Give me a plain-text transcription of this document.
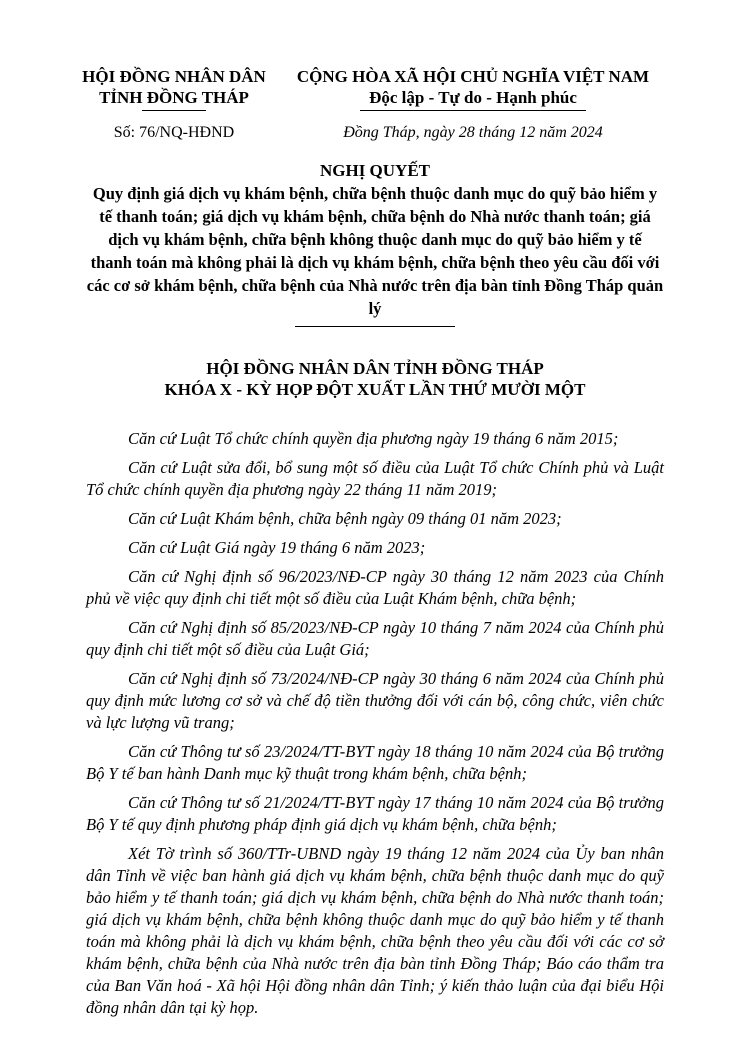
HỘI ĐỒNG NHÂN DÂN
TỈNH ĐỒNG THÁP
Số: 76/NQ-HĐND
CỘNG HÒA XÃ HỘI CHỦ NGHĨA VIỆT NAM
Độc lập - Tự do - Hạnh phúc
Đồng Tháp, ngày 28 tháng 12 năm 2024
NGHỊ QUYẾT
Quy định giá dịch vụ khám bệnh, chữa bệnh thuộc danh mục do quỹ bảo hiểm y tế thanh toán; giá dịch vụ khám bệnh, chữa bệnh do Nhà nước thanh toán; giá dịch vụ khám bệnh, chữa bệnh không thuộc danh mục do quỹ bảo hiểm y tế thanh toán mà không phải là dịch vụ khám bệnh, chữa bệnh theo yêu cầu đối với các cơ sở khám bệnh, chữa bệnh của Nhà nước trên địa bàn tỉnh Đồng Tháp quản lý
HỘI ĐỒNG NHÂN DÂN TỈNH ĐỒNG THÁP
KHÓA X - KỲ HỌP ĐỘT XUẤT LẦN THỨ MƯỜI MỘT

Căn cứ Luật Tổ chức chính quyền địa phương ngày 19 tháng 6 năm 2015;

Căn cứ Luật sửa đổi, bổ sung một số điều của Luật Tổ chức Chính phủ và Luật Tổ chức chính quyền địa phương ngày 22 tháng 11 năm 2019;

Căn cứ Luật Khám bệnh, chữa bệnh ngày 09 tháng 01 năm 2023;

Căn cứ Luật Giá ngày 19 tháng 6 năm 2023;

Căn cứ Nghị định số 96/2023/NĐ-CP ngày 30 tháng 12 năm 2023 của Chính phủ về việc quy định chi tiết một số điều của Luật Khám bệnh, chữa bệnh;

Căn cứ Nghị định số 85/2023/NĐ-CP ngày 10 tháng 7 năm 2024 của Chính phủ quy định chi tiết một số điều của Luật Giá;

Căn cứ Nghị định số 73/2024/NĐ-CP ngày 30 tháng 6 năm 2024 của Chính phủ quy định mức lương cơ sở và chế độ tiền thưởng đối với cán bộ, công chức, viên chức và lực lượng vũ trang;

Căn cứ Thông tư số 23/2024/TT-BYT ngày 18 tháng 10 năm 2024 của Bộ trưởng Bộ Y tế ban hành Danh mục kỹ thuật trong khám bệnh, chữa bệnh;

Căn cứ Thông tư số 21/2024/TT-BYT ngày 17 tháng 10 năm 2024 của Bộ trưởng Bộ Y tế quy định phương pháp định giá dịch vụ khám bệnh, chữa bệnh;

Xét Tờ trình số 360/TTr-UBND ngày 19 tháng 12 năm 2024 của Ủy ban nhân dân Tỉnh về việc ban hành giá dịch vụ khám bệnh, chữa bệnh thuộc danh mục do quỹ bảo hiểm y tế thanh toán; giá dịch vụ khám bệnh, chữa bệnh do Nhà nước thanh toán; giá dịch vụ khám bệnh, chữa bệnh không thuộc danh mục do quỹ bảo hiểm y tế thanh toán mà không phải là dịch vụ khám bệnh, chữa bệnh theo yêu cầu đối với các cơ sở khám bệnh, chữa bệnh của Nhà nước trên địa bàn tỉnh Đồng Tháp; Báo cáo thẩm tra của Ban Văn hoá - Xã hội Hội đồng nhân dân Tỉnh; ý kiến thảo luận của đại biểu Hội đồng nhân dân tại kỳ họp.
